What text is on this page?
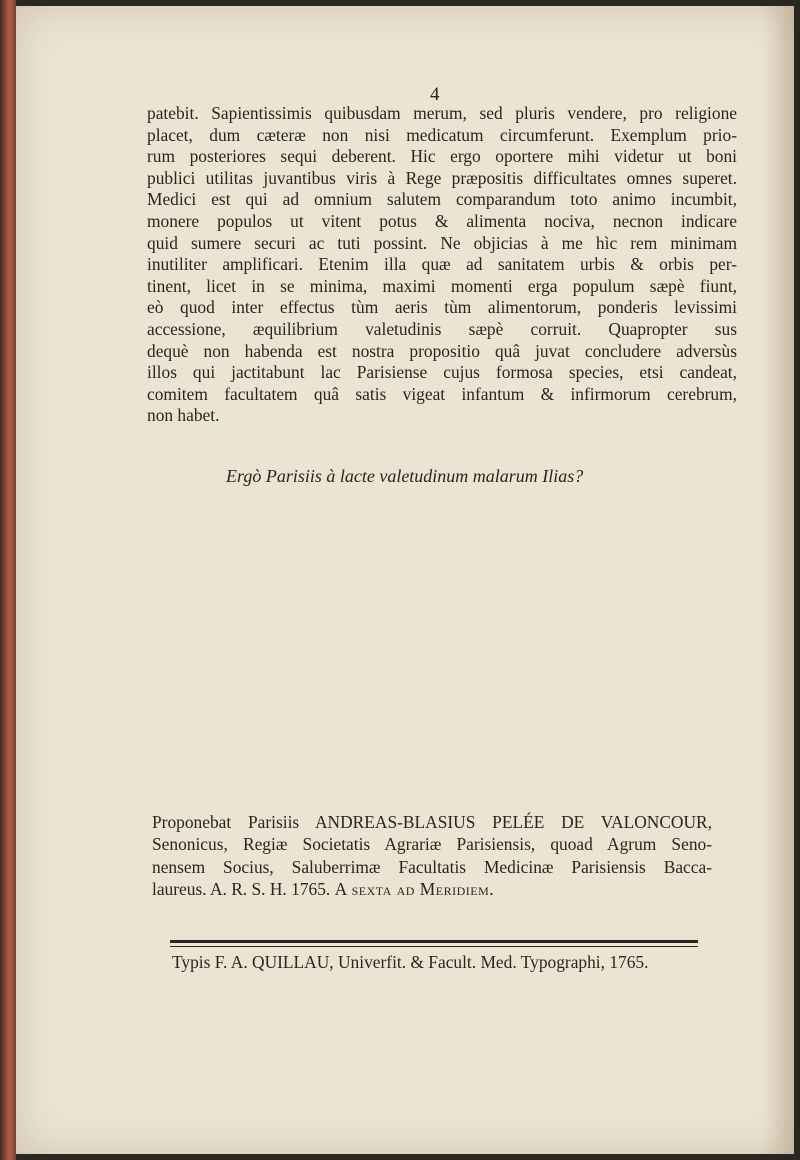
4
patebit. Sapientissimis quibusdam merum, sed pluris vendere, pro religione
placet, dum cæteræ non nisi medicatum circumferunt. Exemplum prio-
rum posteriores sequi deberent. Hic ergo oportere mihi videtur ut boni
publici utilitas juvantibus viris à Rege præpositis difficultates omnes superet.
Medici est qui ad omnium salutem comparandum toto animo incumbit,
monere populos ut vitent potus & alimenta nociva, necnon indicare
quid sumere securi ac tuti possint. Ne objicias à me hìc rem minimam
inutiliter amplificari. Etenim illa quæ ad sanitatem urbis & orbis per-
tinent, licet in se minima, maximi momenti erga populum sæpè fiunt,
eò quod inter effectus tùm aeris tùm alimentorum, ponderis levissimi
accessione, æquilibrium valetudinis sæpè corruit. Quapropter sus
dequè non habenda est nostra propositio quâ juvat concludere adversùs
illos qui jactitabunt lac Parisiense cujus formosa species, etsi candeat,
comitem facultatem quâ satis vigeat infantum & infirmorum cerebrum,
non habet.
Ergò Parisiis à lacte valetudinum malarum Ilias?
Proponebat Parisiis ANDREAS-BLASIUS PELÉE DE VALONCOUR,
Senonicus, Regiæ Societatis Agrariæ Parisiensis, quoad Agrum Seno-
nensem Socius, Saluberrimæ Facultatis Medicinæ Parisiensis Bacca-
laureus. A. R. S. H. 1765. A sexta ad Meridiem.
Typis F. A. QUILLAU, Univerfit. & Facult. Med. Typographi, 1765.
